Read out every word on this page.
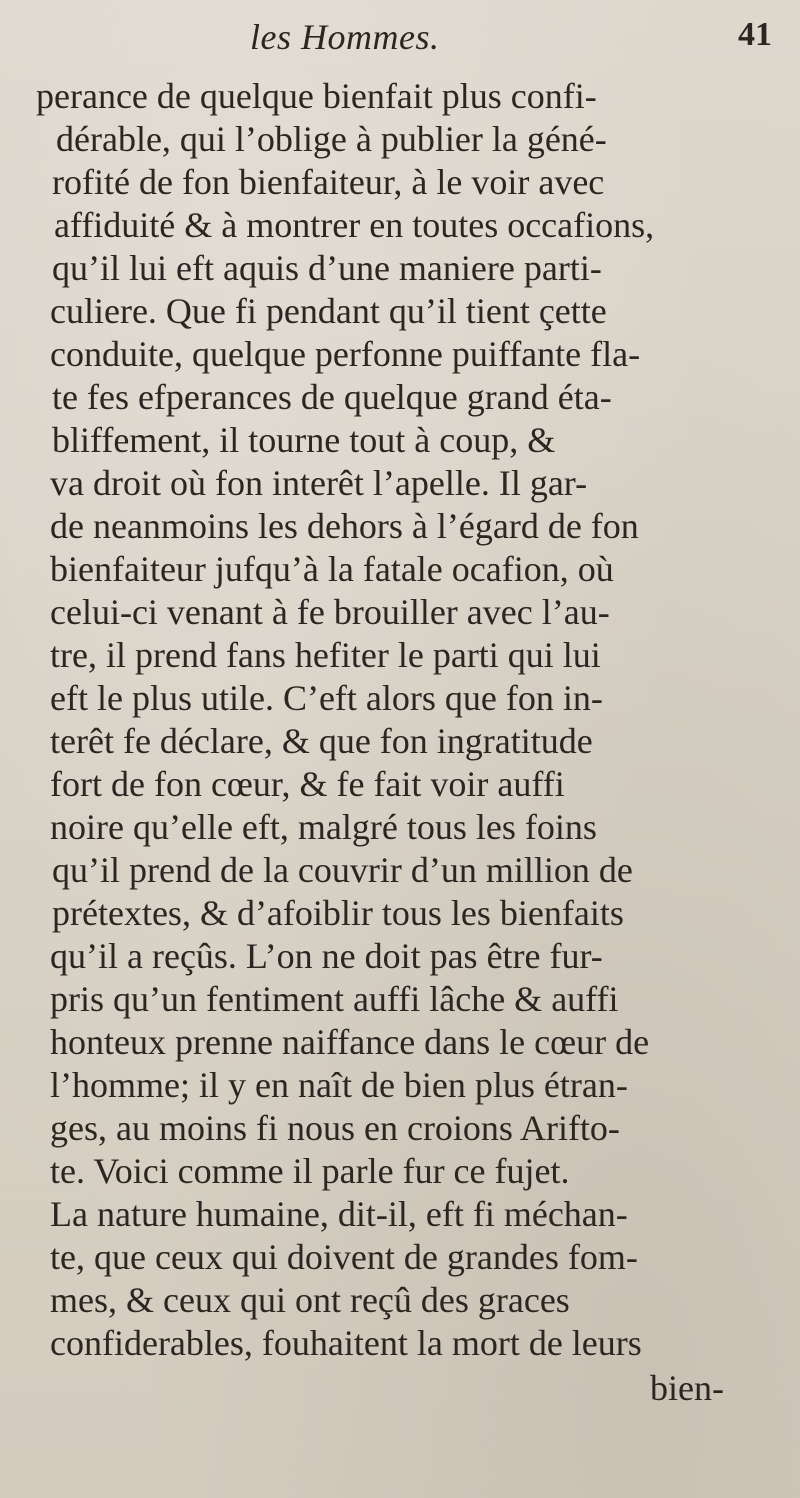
les Hommes.	41
perance de quelque bienfait plus confi-
dérable, qui l’oblige à publier la géné-
rofité de fon bienfaiteur, à le voir avec
affiduité & à montrer en toutes occafions,
qu’il lui eft aquis d’une maniere parti-
culiere. Que fi pendant qu’il tient çette
conduite, quelque perfonne puiffante fla-
te fes efperances de quelque grand éta-
bliffement, il tourne tout à coup, &
va droit où fon interêt l’apelle. Il gar-
de neanmoins les dehors à l’égard de fon
bienfaiteur jufqu’à la fatale ocafion, où
celui-ci venant à fe brouiller avec l’au-
tre, il prend fans hefiter le parti qui lui
eft le plus utile. C’eft alors que fon in-
terêt fe déclare, & que fon ingratitude
fort de fon cœur, & fe fait voir auffi
noire qu’elle eft, malgré tous les foins
qu’il prend de la couvrir d’un million de
prétextes, & d’afoiblir tous les bienfaits
qu’il a reçûs. L’on ne doit pas être fur-
pris qu’un fentiment auffi lâche & auffi
honteux prenne naiffance dans le cœur de
l’homme; il y en naît de bien plus étran-
ges, au moins fi nous en croions Arifto-
te. Voici comme il parle fur ce fujet.
La nature humaine, dit-il, eft fi méchan-
te, que ceux qui doivent de grandes fom-
mes, & ceux qui ont reçû des graces
confiderables, fouhaitent la mort de leurs
bien-
